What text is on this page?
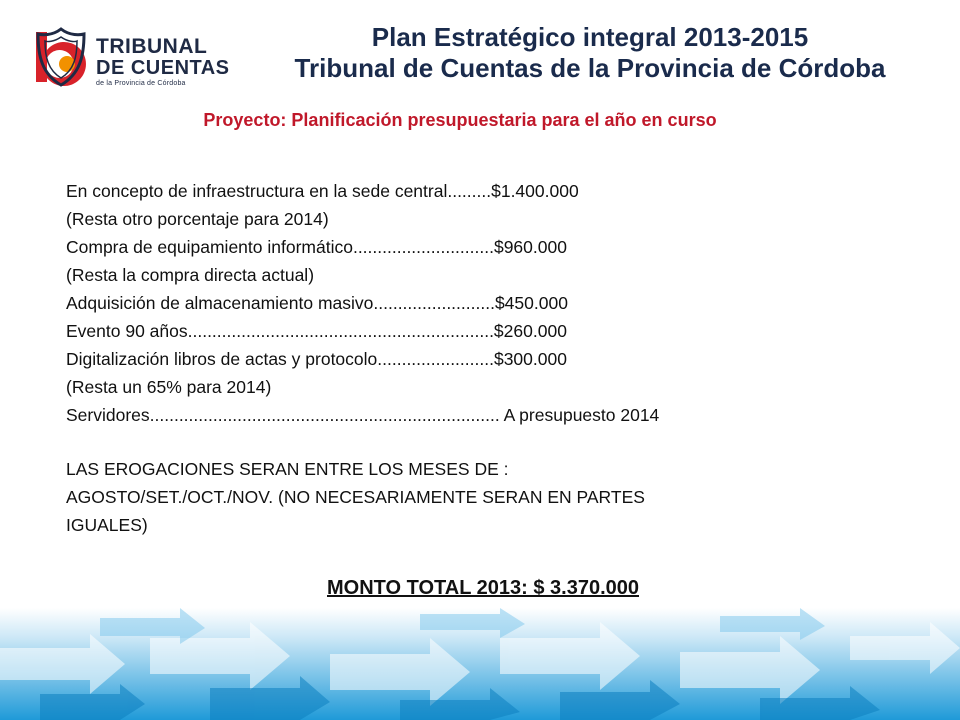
TRIBUNAL
DE CUENTAS
de la Provincia de Córdoba
Plan Estratégico integral 2013-2015
Tribunal de Cuentas de la Provincia de Córdoba
Proyecto: Planificación presupuestaria para el año en curso
En concepto de infraestructura en la sede central.........$1.400.000
(Resta otro porcentaje para 2014)
Compra de equipamiento informático.............................$960.000
(Resta la compra directa actual)
Adquisición de almacenamiento masivo.........................$450.000
Evento 90 años...............................................................$260.000
Digitalización libros de actas y protocolo........................$300.000
(Resta un 65% para 2014)
Servidores........................................................................ A presupuesto 2014
LAS EROGACIONES SERAN ENTRE LOS MESES DE :
AGOSTO/SET./OCT./NOV. (NO NECESARIAMENTE SERAN EN PARTES
IGUALES)
MONTO TOTAL 2013: $ 3.370.000
